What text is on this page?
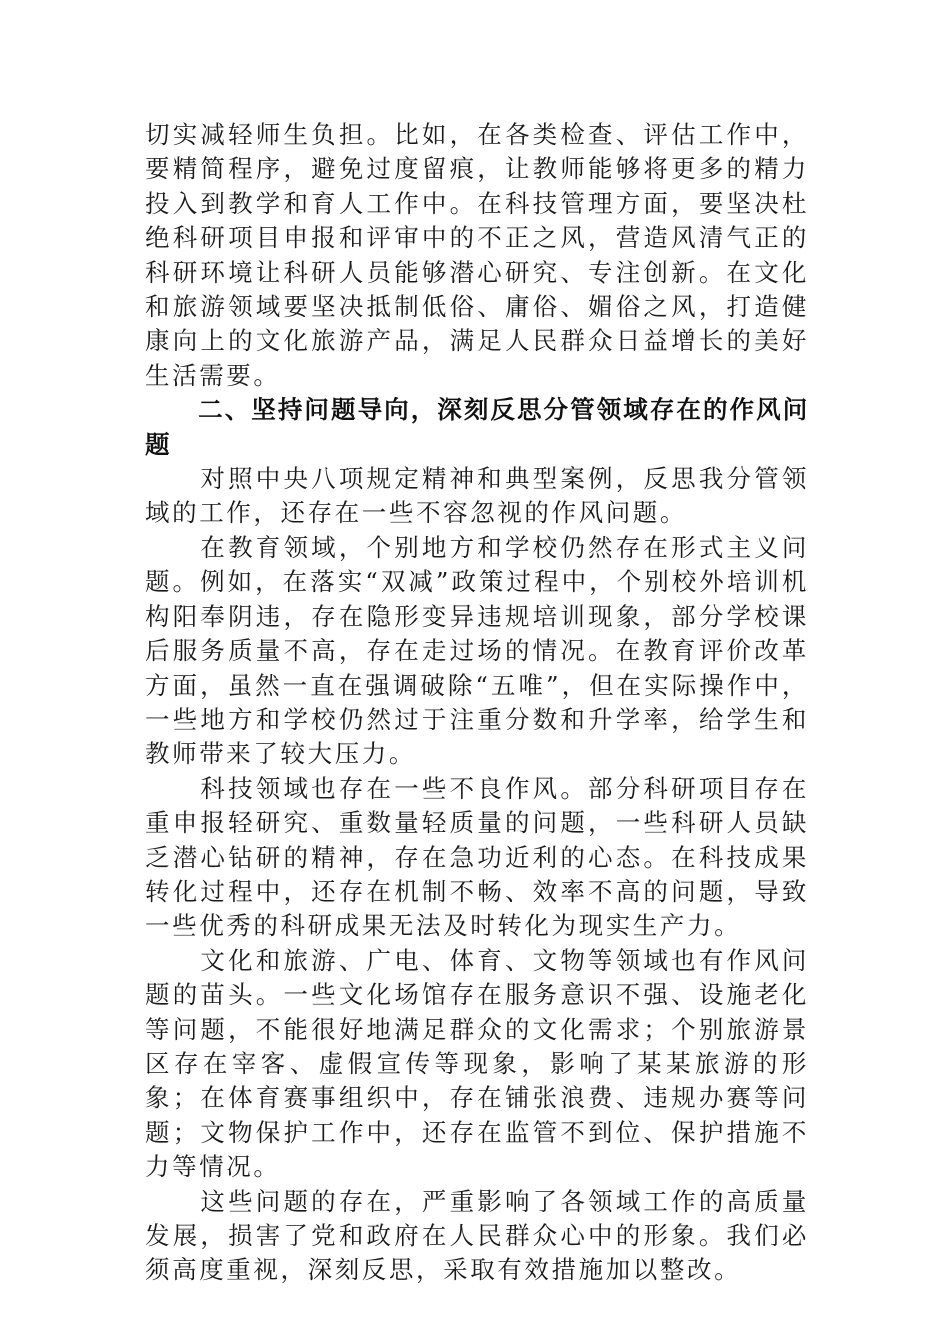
切实减轻师生负担。比如，在各类检查、评估工作中，要精简程序，避免过度留痕，让教师能够将更多的精力投入到教学和育人工作中。在科技管理方面，要坚决杜绝科研项目申报和评审中的不正之风，营造风清气正的科研环境让科研人员能够潜心研究、专注创新。在文化和旅游领域要坚决抵制低俗、庸俗、媚俗之风，打造健康向上的文化旅游产品，满足人民群众日益增长的美好生活需要。

　　二、坚持问题导向，深刻反思分管领域存在的作风问题

　　对照中央八项规定精神和典型案例，反思我分管领域的工作，还存在一些不容忽视的作风问题。

　　在教育领域，个别地方和学校仍然存在形式主义问题。例如，在落实“双减”政策过程中，个别校外培训机构阳奉阴违，存在隐形变异违规培训现象，部分学校课后服务质量不高，存在走过场的情况。在教育评价改革方面，虽然一直在强调破除“五唯”，但在实际操作中，一些地方和学校仍然过于注重分数和升学率，给学生和教师带来了较大压力。

　　科技领域也存在一些不良作风。部分科研项目存在重申报轻研究、重数量轻质量的问题，一些科研人员缺乏潜心钻研的精神，存在急功近利的心态。在科技成果转化过程中，还存在机制不畅、效率不高的问题，导致一些优秀的科研成果无法及时转化为现实生产力。

　　文化和旅游、广电、体育、文物等领域也有作风问题的苗头。一些文化场馆存在服务意识不强、设施老化等问题，不能很好地满足群众的文化需求；个别旅游景区存在宰客、虚假宣传等现象，影响了某某旅游的形象；在体育赛事组织中，存在铺张浪费、违规办赛等问题；文物保护工作中，还存在监管不到位、保护措施不力等情况。

　　这些问题的存在，严重影响了各领域工作的高质量发展，损害了党和政府在人民群众心中的形象。我们必须高度重视，深刻反思，采取有效措施加以整改。
